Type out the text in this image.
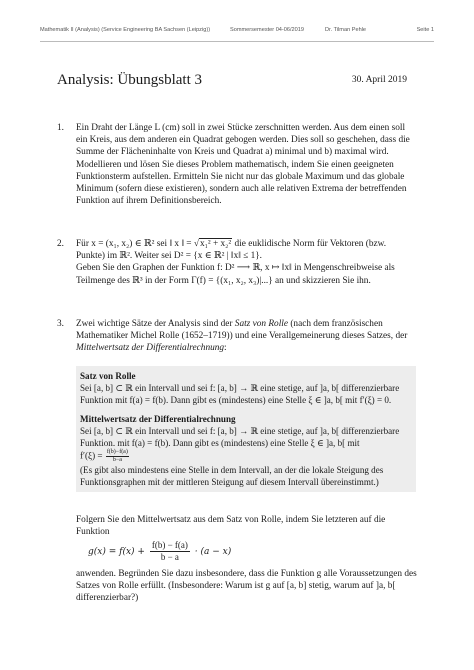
Mathematik II (Analysis) (Service Engineering BA Sachsen (Leipzig))	Sommersemester 04-06/2019	Dr. Tilman Pehle	Seite 1
Analysis: Übungsblatt 3	30. April 2019
1. Ein Draht der Länge L (cm) soll in zwei Stücke zerschnitten werden. Aus dem einen soll ein Kreis, aus dem anderen ein Quadrat gebogen werden. Dies soll so geschehen, dass die Summe der Flächeninhalte von Kreis und Quadrat a) minimal und b) maximal wird. Modellieren und lösen Sie dieses Problem mathematisch, indem Sie einen geeigneten Funktionsterm aufstellen. Ermitteln Sie nicht nur das globale Maximum und das globale Minimum (sofern diese existieren), sondern auch alle relativen Extrema der betreffenden Funktion auf ihrem Definitionsbereich.

2. Für x = (x₁, x₂) ∈ ℝ² sei ‖ x ‖ = √x₁² + x₂² die euklidische Norm für Vektoren (bzw. Punkte) im ℝ². Weiter sei D² = {x ∈ ℝ² | ‖x‖ ≤ 1}.

Geben Sie den Graphen der Funktion f: D² ⟶ ℝ, x ↦ ‖x‖ in Mengenschreibweise als Teilmenge des ℝ³ in der Form Γ(f) = {(x₁, x₂, x₃)|...} an und skizzieren Sie ihn.

3. Zwei wichtige Sätze der Analysis sind der Satz von Rolle (nach dem französischen Mathematiker Michel Rolle (1652–1719)) und eine Verallgemeinerung dieses Satzes, der Mittelwertsatz der Differentialrechnung:

Satz von Rolle

Sei [a, b] ⊂ ℝ ein Intervall und sei f: [a, b] → ℝ eine stetige, auf ]a, b[ differenzierbare Funktion mit f(a) = f(b). Dann gibt es (mindestens) eine Stelle ξ ∈ ]a, b[ mit f′(ξ) = 0.

Mittelwertsatz der Differentialrechnung

Sei [a, b] ⊂ ℝ ein Intervall und sei f: [a, b] → ℝ eine stetige, auf ]a, b[ differenzierbare Funktion. mit f(a) = f(b). Dann gibt es (mindestens) eine Stelle ξ ∈ ]a, b[ mit

$f'(\xi) = \frac{f(b)-f(a)}{b-a}$

(Es gibt also mindestens eine Stelle in dem Intervall, an der die lokale Steigung des Funktionsgraphen mit der mittleren Steigung auf diesem Intervall übereinstimmt.)

Folgern Sie den Mittelwertsatz aus dem Satz von Rolle, indem Sie letzteren auf die Funktion

$g(x) = f(x) + \frac{f(b) - f(a)}{b - a} \cdot (a - x)$

anwenden. Begründen Sie dazu insbesondere, dass die Funktion g alle Voraussetzungen des Satzes von Rolle erfüllt. (Insbesondere: Warum ist g auf [a, b] stetig, warum auf ]a, b[ differenzierbar?)
